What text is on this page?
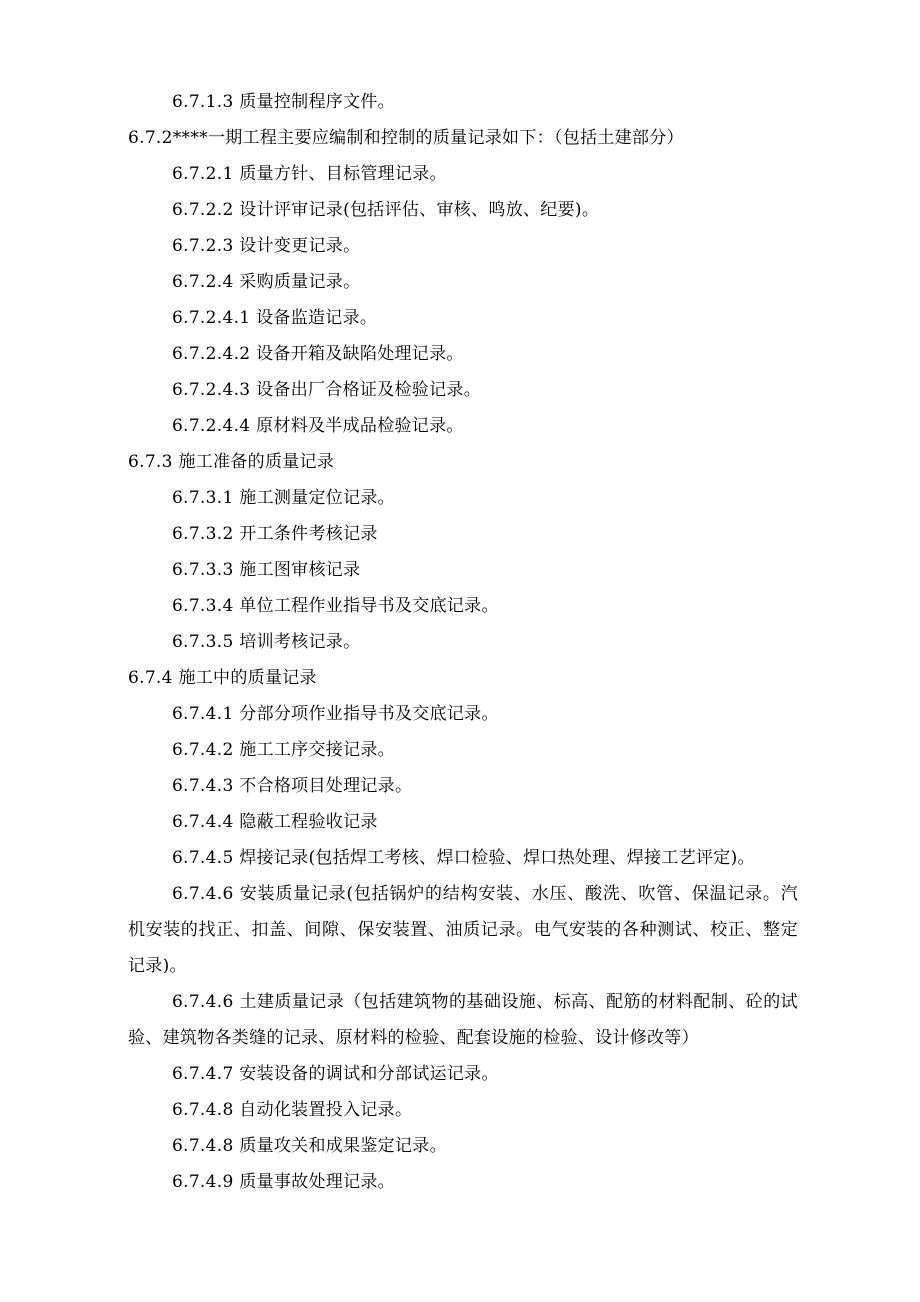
6.7.1.3 质量控制程序文件。
6.7.2****一期工程主要应编制和控制的质量记录如下：（包括土建部分）
6.7.2.1 质量方针、目标管理记录。
6.7.2.2 设计评审记录(包括评估、审核、鸣放、纪要)。
6.7.2.3 设计变更记录。
6.7.2.4 采购质量记录。
6.7.2.4.1 设备监造记录。
6.7.2.4.2 设备开箱及缺陷处理记录。
6.7.2.4.3 设备出厂合格证及检验记录。
6.7.2.4.4 原材料及半成品检验记录。
6.7.3 施工准备的质量记录
6.7.3.1 施工测量定位记录。
6.7.3.2 开工条件考核记录
6.7.3.3 施工图审核记录
6.7.3.4 单位工程作业指导书及交底记录。
6.7.3.5 培训考核记录。
6.7.4 施工中的质量记录
6.7.4.1 分部分项作业指导书及交底记录。
6.7.4.2 施工工序交接记录。
6.7.4.3 不合格项目处理记录。
6.7.4.4 隐蔽工程验收记录
6.7.4.5 焊接记录(包括焊工考核、焊口检验、焊口热处理、焊接工艺评定)。
6.7.4.6 安装质量记录(包括锅炉的结构安装、水压、酸洗、吹管、保温记录。汽机安装的找正、扣盖、间隙、保安装置、油质记录。电气安装的各种测试、校正、整定记录)。
6.7.4.6 土建质量记录（包括建筑物的基础设施、标高、配筋的材料配制、砼的试验、建筑物各类缝的记录、原材料的检验、配套设施的检验、设计修改等）
6.7.4.7 安装设备的调试和分部试运记录。
6.7.4.8 自动化装置投入记录。
6.7.4.8 质量攻关和成果鉴定记录。
6.7.4.9 质量事故处理记录。
